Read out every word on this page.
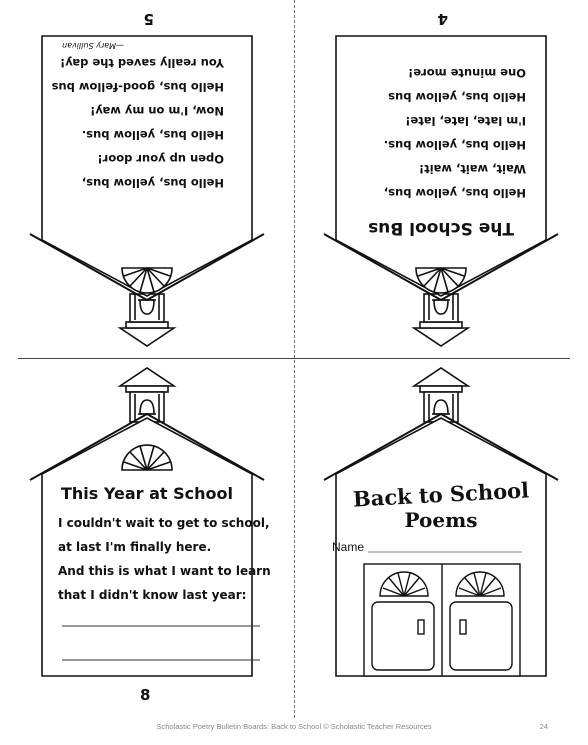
Hello bus, yellow bus,
Open up your door!
Hello bus, yellow bus.
Now, I'm on my way!
Hello bus, good-fellow bus
You really saved the day!
—Mary Sullivan
5
The School Bus
Hello bus, yellow bus,
Wait, wait, wait!
Hello bus, yellow bus.
I'm late, late, late!
Hello bus, yellow bus
One minute more!
4
This Year at School
I couldn't wait to get to school,
at last I'm finally here.
And this is what I want to learn
that I didn't know last year:
8
Back to School
Poems
Name
Scholastic Poetry Bulletin Boards: Back to School © Scholastic Teacher Resources	24
